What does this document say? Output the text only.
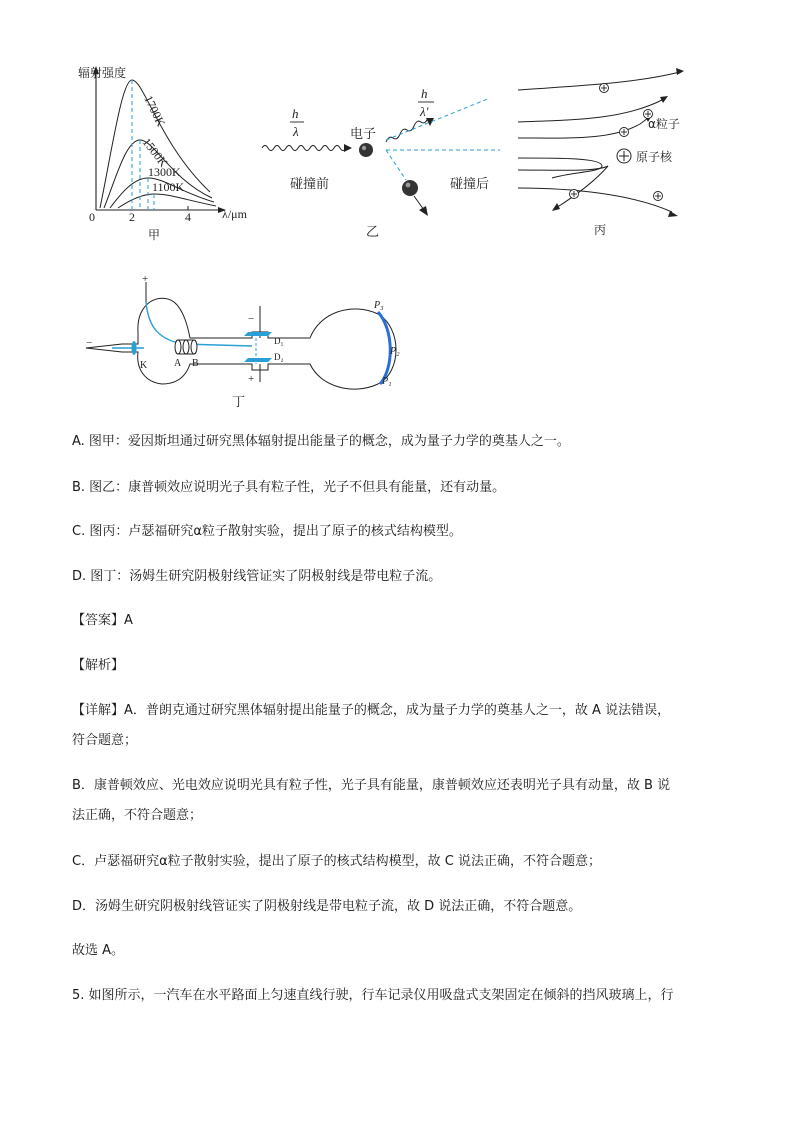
辐射强度
λ/μm
0	2	4
1700K
1500K
1300K
1100K
甲
h
λ	电子
h
λ'
碰撞前	碰撞后
乙
α粒子
原子核
丙
+
−
K	A B
−
+
D₁
D₂
P₃
P₂
P₁
丁
A. 图甲：爱因斯坦通过研究黑体辐射提出能量子的概念，成为量子力学的奠基人之一。
B. 图乙：康普顿效应说明光子具有粒子性，光子不但具有能量，还有动量。
C. 图丙：卢瑟福研究α粒子散射实验，提出了原子的核式结构模型。
D. 图丁：汤姆生研究阴极射线管证实了阴极射线是带电粒子流。
【答案】A
【解析】
【详解】A．普朗克通过研究黑体辐射提出能量子的概念，成为量子力学的奠基人之一，故 A 说法错误，
符合题意；
B．康普顿效应、光电效应说明光具有粒子性，光子具有能量，康普顿效应还表明光子具有动量，故 B 说
法正确，不符合题意；
C．卢瑟福研究α粒子散射实验，提出了原子的核式结构模型，故 C 说法正确，不符合题意；
D．汤姆生研究阴极射线管证实了阴极射线是带电粒子流，故 D 说法正确，不符合题意。
故选 A。
5. 如图所示，一汽车在水平路面上匀速直线行驶，行车记录仪用吸盘式支架固定在倾斜的挡风玻璃上，行
